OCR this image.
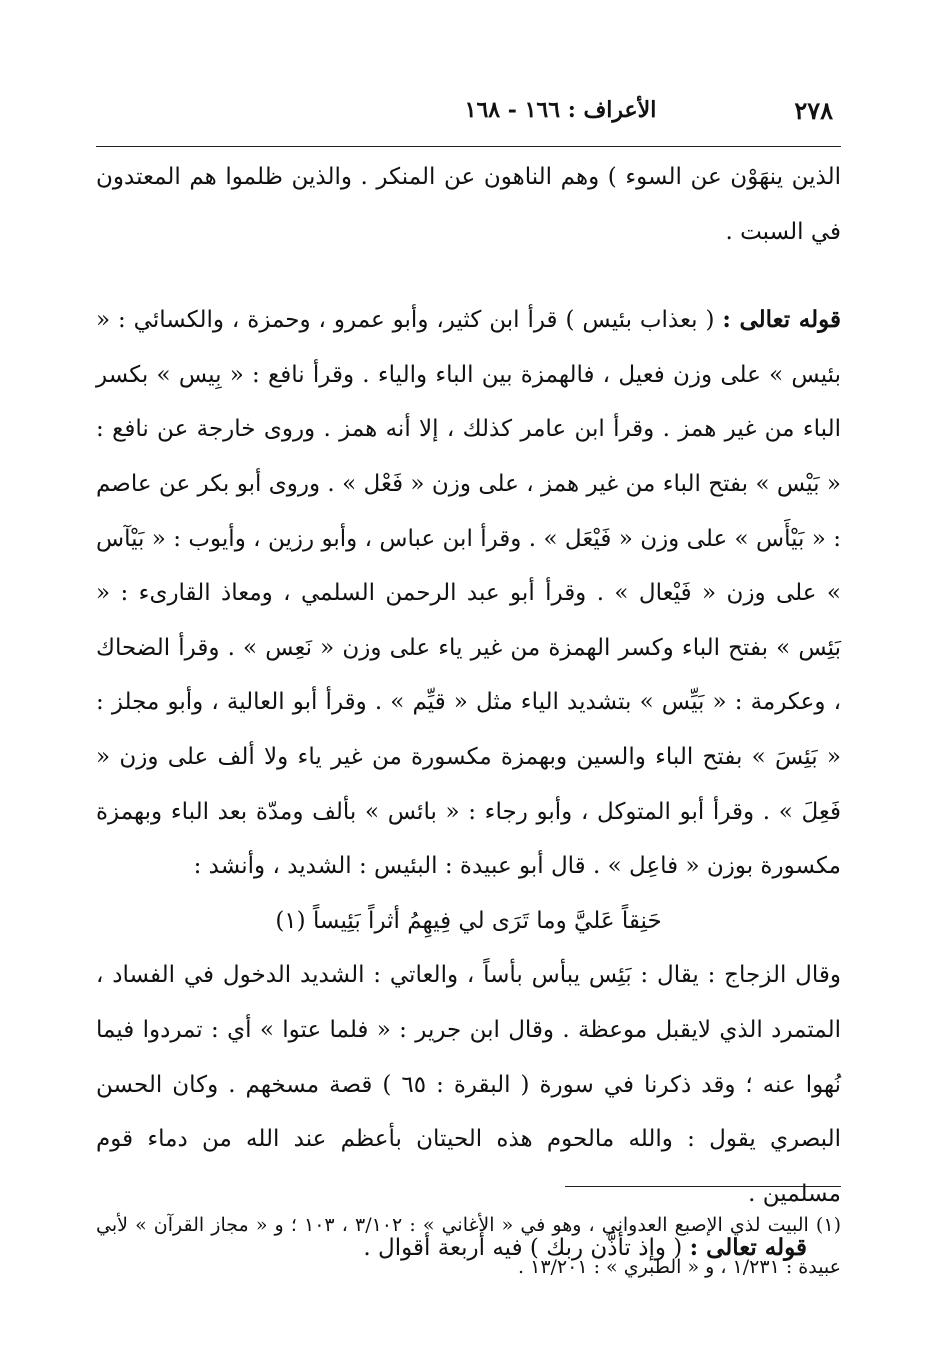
٢٧٨
الأعراف : ١٦٦ - ١٦٨

الذين ينهَوْن عن السوء ) وهم الناهون عن المنكر . والذين ظلموا هم المعتدون في السبت .

قوله تعالى : ( بعذاب بئيس ) قرأ ابن كثير، وأبو عمرو ، وحمزة ، والكسائي : « بئيس » على وزن فعيل ، فالهمزة بين الباء والياء . وقرأ نافع : « بِيس » بكسر الباء من غير همز . وقرأ ابن عامر كذلك ، إلا أنه همز . وروى خارجة عن نافع : « بَيْس » بفتح الباء من غير همز ، على وزن « فَعْل » . وروى أبو بكر عن عاصم : « بَيْأَس » على وزن « فَيْعَل » . وقرأ ابن عباس ، وأبو رزين ، وأيوب : « بَيْآس » على وزن « فَيْعال » . وقرأ أبو عبد الرحمن السلمي ، ومعاذ القارىء : « بَئِس » بفتح الباء وكسر الهمزة من غير ياء على وزن « نَعِس » . وقرأ الضحاك ، وعكرمة : « بَيِّس » بتشديد الياء مثل « قيِّم » . وقرأ أبو العالية ، وأبو مجلز : « بَئِسَ » بفتح الباء والسين وبهمزة مكسورة من غير ياء ولا ألف على وزن « فَعِلَ » . وقرأ أبو المتوكل ، وأبو رجاء : « بائس » بألف ومدّة بعد الباء وبهمزة مكسورة بوزن « فاعِل » . قال أبو عبيدة : البئيس : الشديد ، وأنشد :

حَنِقاً عَليَّ وما تَرَى لي فِيهِمُ أثراً بَئِيساً (١)

وقال الزجاج : يقال : بَئِس يبأس بأساً ، والعاتي : الشديد الدخول في الفساد ، المتمرد الذي لايقبل موعظة . وقال ابن جرير : « فلما عتوا » أي : تمردوا فيما نُهوا عنه ؛ وقد ذكرنا في سورة ( البقرة : ٦٥ ) قصة مسخهم . وكان الحسن البصري يقول : والله مالحوم هذه الحيتان بأعظم عند الله من دماء قوم مسلمين .

قوله تعالى : ( وإذ تأذَّن ربك ) فيه أربعة أقوال .

(١) البيت لذي الإصبع العدواني ، وهو في « الأغاني » : ٣/١٠٢ ، ١٠٣ ؛ و « مجاز القرآن » لأبي عبيدة : ١/٢٣١ ، و « الطبري » : ١٣/٢٠١ .
